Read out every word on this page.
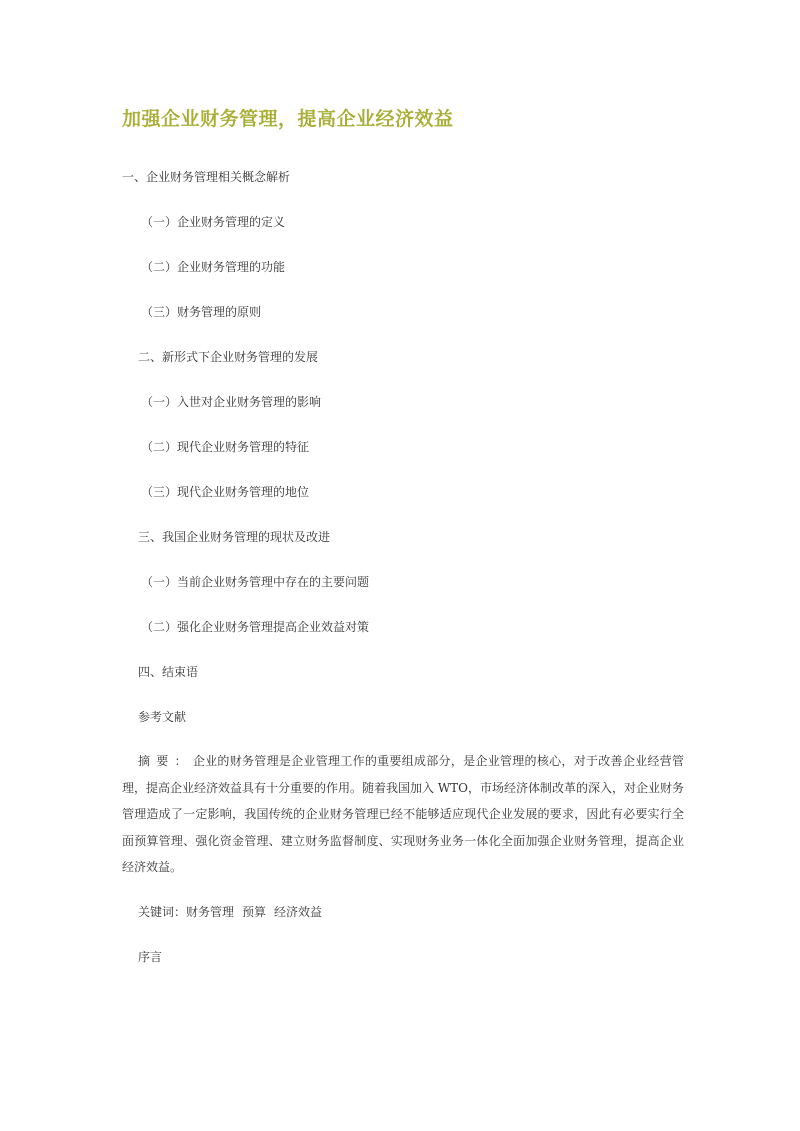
加强企业财务管理，提高企业经济效益
一、企业财务管理相关概念解析
（一）企业财务管理的定义
（二）企业财务管理的功能
（三）财务管理的原则
二、新形式下企业财务管理的发展
（一）入世对企业财务管理的影响
（二）现代企业财务管理的特征
（三）现代企业财务管理的地位
三、我国企业财务管理的现状及改进
（一）当前企业财务管理中存在的主要问题
（二）强化企业财务管理提高企业效益对策
四、结束语
参考文献
摘要：企业的财务管理是企业管理工作的重要组成部分，是企业管理的核心，对于改善企业经营管理，提高企业经济效益具有十分重要的作用。随着我国加入 WTO，市场经济体制改革的深入，对企业财务管理造成了一定影响，我国传统的企业财务管理已经不能够适应现代企业发展的要求，因此有必要实行全面预算管理、强化资金管理、建立财务监督制度、实现财务业务一体化全面加强企业财务管理，提高企业经济效益。
关键词：财务管理 预算 经济效益
序言
